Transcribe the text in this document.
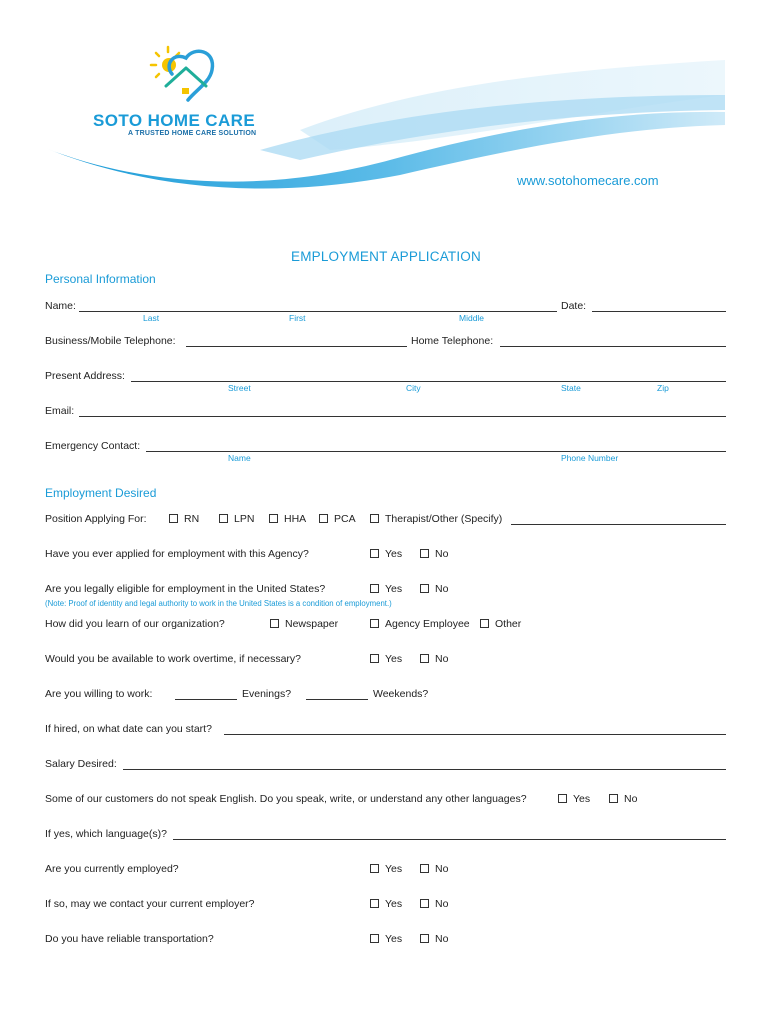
SOTO HOME CARE
A TRUSTED HOME CARE SOLUTION
www.sotohomecare.com
EMPLOYMENT APPLICATION
Personal Information
Name:
Last	First	Middle
Date:
Business/Mobile Telephone:	Home Telephone:
Present Address:
Street	City	State	Zip
Email:
Emergency Contact:
Name	Phone Number
Employment Desired
Position Applying For:	RN	LPN	HHA	PCA	Therapist/Other (Specify)
Have you ever applied for employment with this Agency?	Yes	No
Are you legally eligible for employment in the United States?	Yes	No
(Note: Proof of identity and legal authority to work in the United States is a condition of employment.)
How did you learn of our organization?	Newspaper	Agency Employee Other
Would you be available to work overtime, if necessary?	Yes	No
Are you willing to work:	Evenings?	Weekends?
If hired, on what date can you start?
Salary Desired:
Some of our customers do not speak English. Do you speak, write, or understand any other languages?	Yes	No
If yes, which language(s)?
Are you currently employed?	Yes	No
If so, may we contact your current employer?	Yes	No
Do you have reliable transportation?	Yes	No
